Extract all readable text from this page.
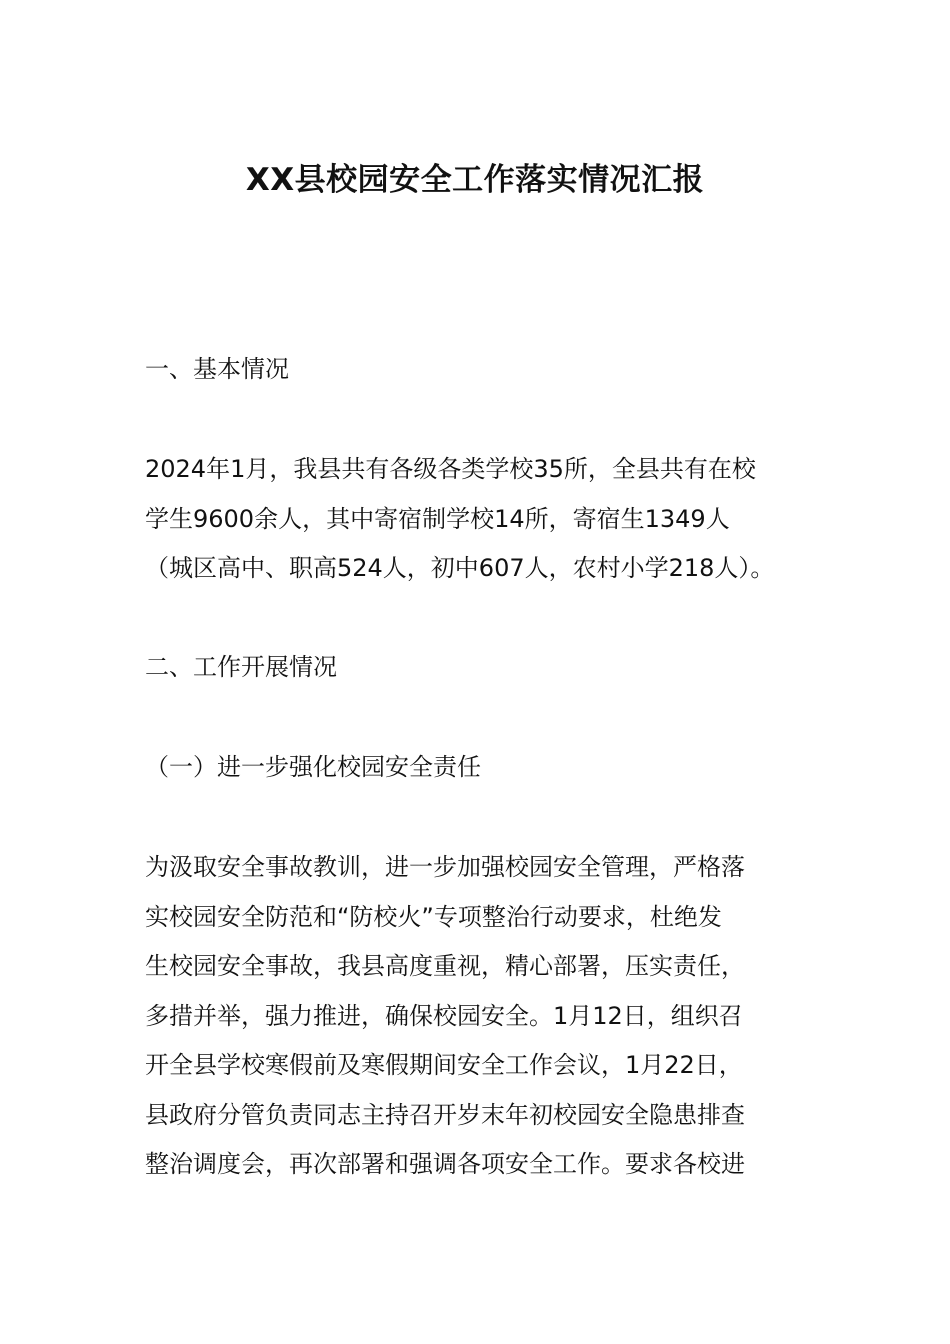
XX县校园安全工作落实情况汇报

一、基本情况

2024年1月，我县共有各级各类学校35所，全县共有在校
学生9600余人，其中寄宿制学校14所，寄宿生1349人
（城区高中、职高524人，初中607人，农村小学218人）。

二、工作开展情况

（一）进一步强化校园安全责任

为汲取安全事故教训，进一步加强校园安全管理，严格落
实校园安全防范和“防校火”专项整治行动要求，杜绝发
生校园安全事故，我县高度重视，精心部署，压实责任，
多措并举，强力推进，确保校园安全。1月12日，组织召
开全县学校寒假前及寒假期间安全工作会议，1月22日，
县政府分管负责同志主持召开岁末年初校园安全隐患排查
整治调度会，再次部署和强调各项安全工作。要求各校进
